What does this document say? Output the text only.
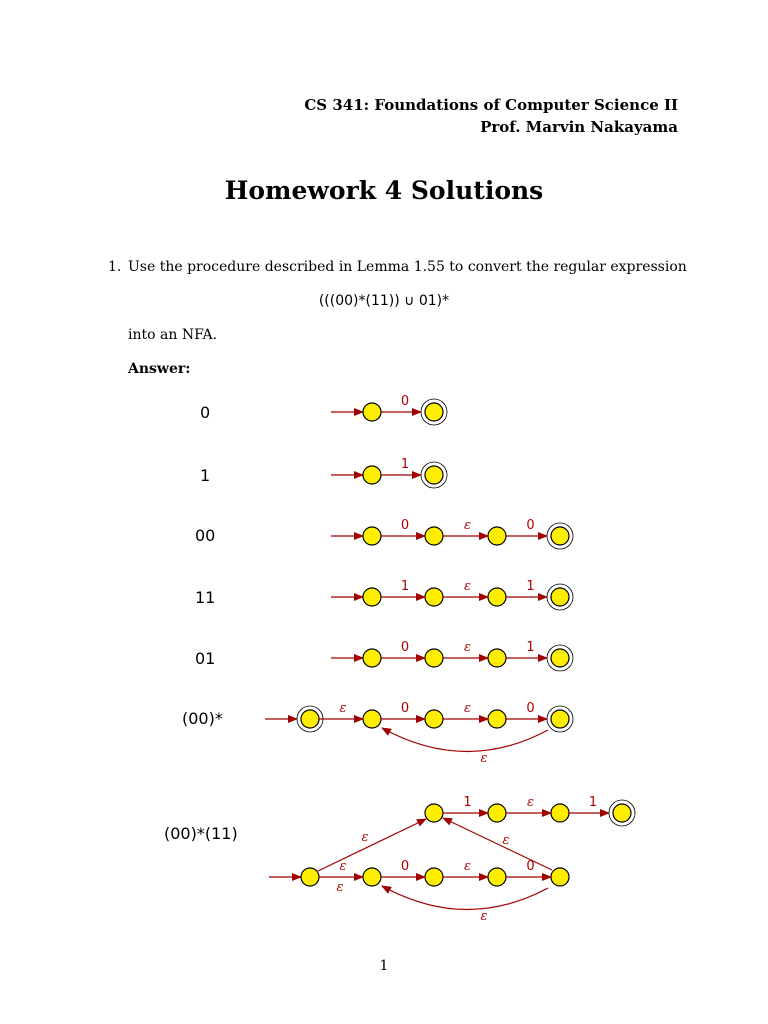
CS 341: Foundations of Computer Science II
Prof. Marvin Nakayama
Homework 4 Solutions
1. Use the procedure described in Lemma 1.55 to convert the regular expression
(((00)*(11)) ∪ 01)*
into an NFA.
Answer:
0
1
00
11
01
(00)*
(00)*(11)
0
1
0	ε	0
1	ε	1
0	ε	1
ε	0	ε	0
ε
ε
ε
0	ε	0
ε
1	ε	1
ε	ε
1
